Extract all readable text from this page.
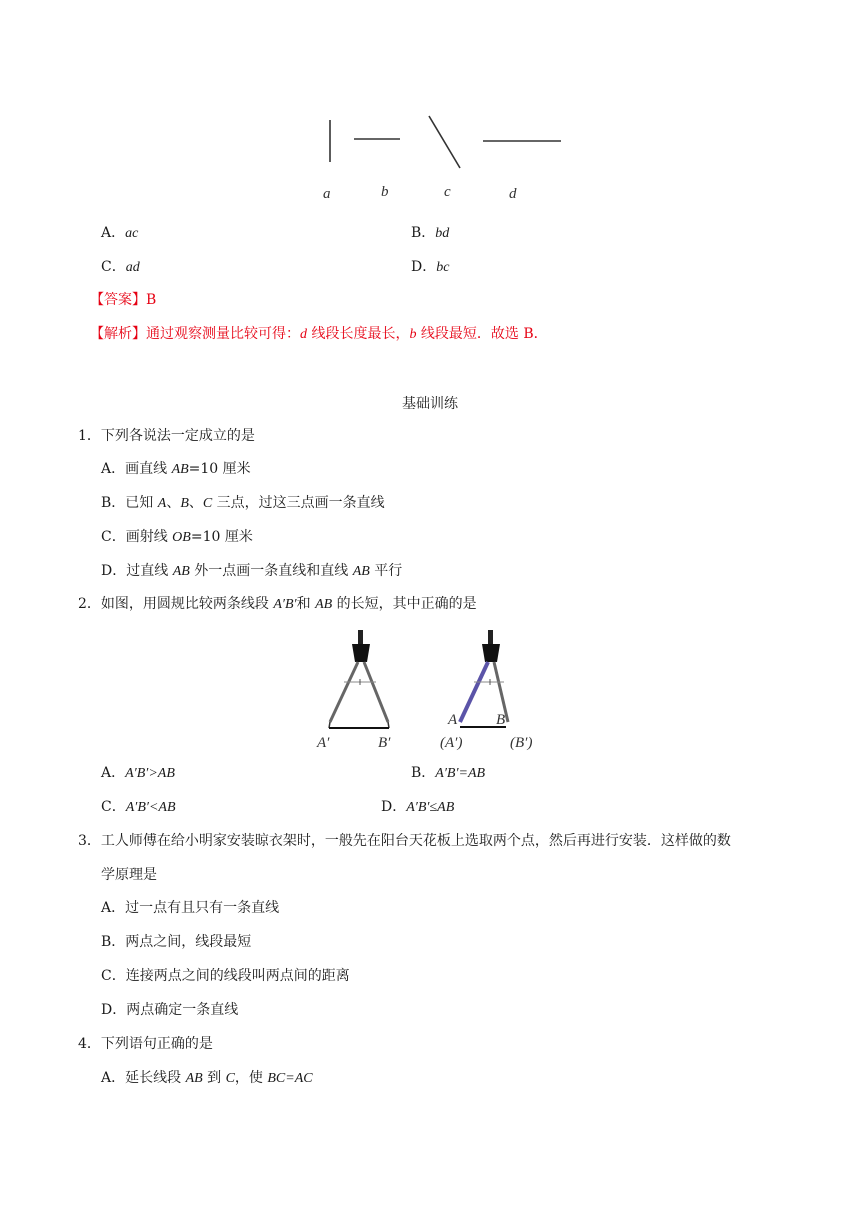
a	b	c	d
A．ac	B．bd
C．ad	D．bc
【答案】B
【解析】通过观察测量比较可得：d 线段长度最长，b 线段最短．故选 B．
基础训练
1．下列各说法一定成立的是
A．画直线 AB=10 厘米
B．已知 A、B、C 三点，过这三点画一条直线
C．画射线 OB=10 厘米
D．过直线 AB 外一点画一条直线和直线 AB 平行
2．如图，用圆规比较两条线段 A′B′和 AB 的长短，其中正确的是
A′	B′
A	B
(A′)	(B′)
A．A′B′>AB	B．A′B′=AB
C．A′B′<AB	D．A′B′≤AB
3．工人师傅在给小明家安装晾衣架时，一般先在阳台天花板上选取两个点，然后再进行安装．这样做的数
学原理是
A．过一点有且只有一条直线
B．两点之间，线段最短
C．连接两点之间的线段叫两点间的距离
D．两点确定一条直线
4．下列语句正确的是
A．延长线段 AB 到 C，使 BC=AC
